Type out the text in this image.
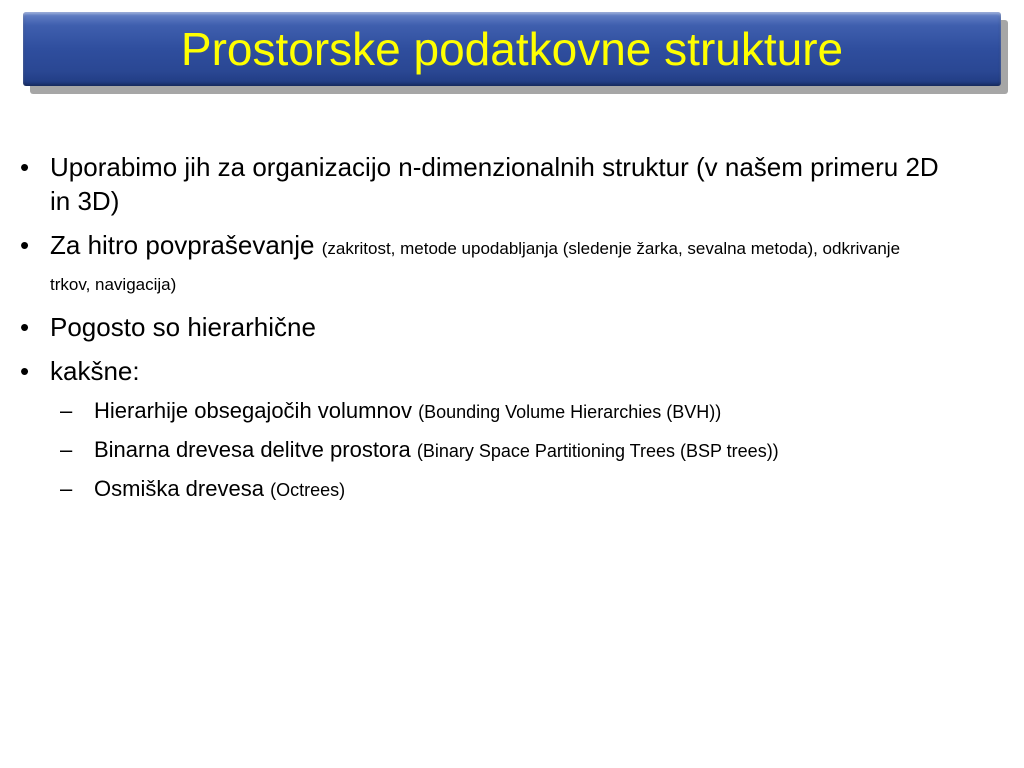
Prostorske podatkovne strukture
• Uporabimo jih za organizacijo n-dimenzionalnih struktur (v našem primeru 2D in 3D)
• Za hitro povpraševanje (zakritost, metode upodabljanja (sledenje žarka, sevalna metoda), odkrivanje trkov, navigacija)
• Pogosto so hierarhične
• kakšne:
– Hierarhije obsegajočih volumnov (Bounding Volume Hierarchies (BVH))
– Binarna drevesa delitve prostora (Binary Space Partitioning Trees (BSP trees))
– Osmiška drevesa (Octrees)
